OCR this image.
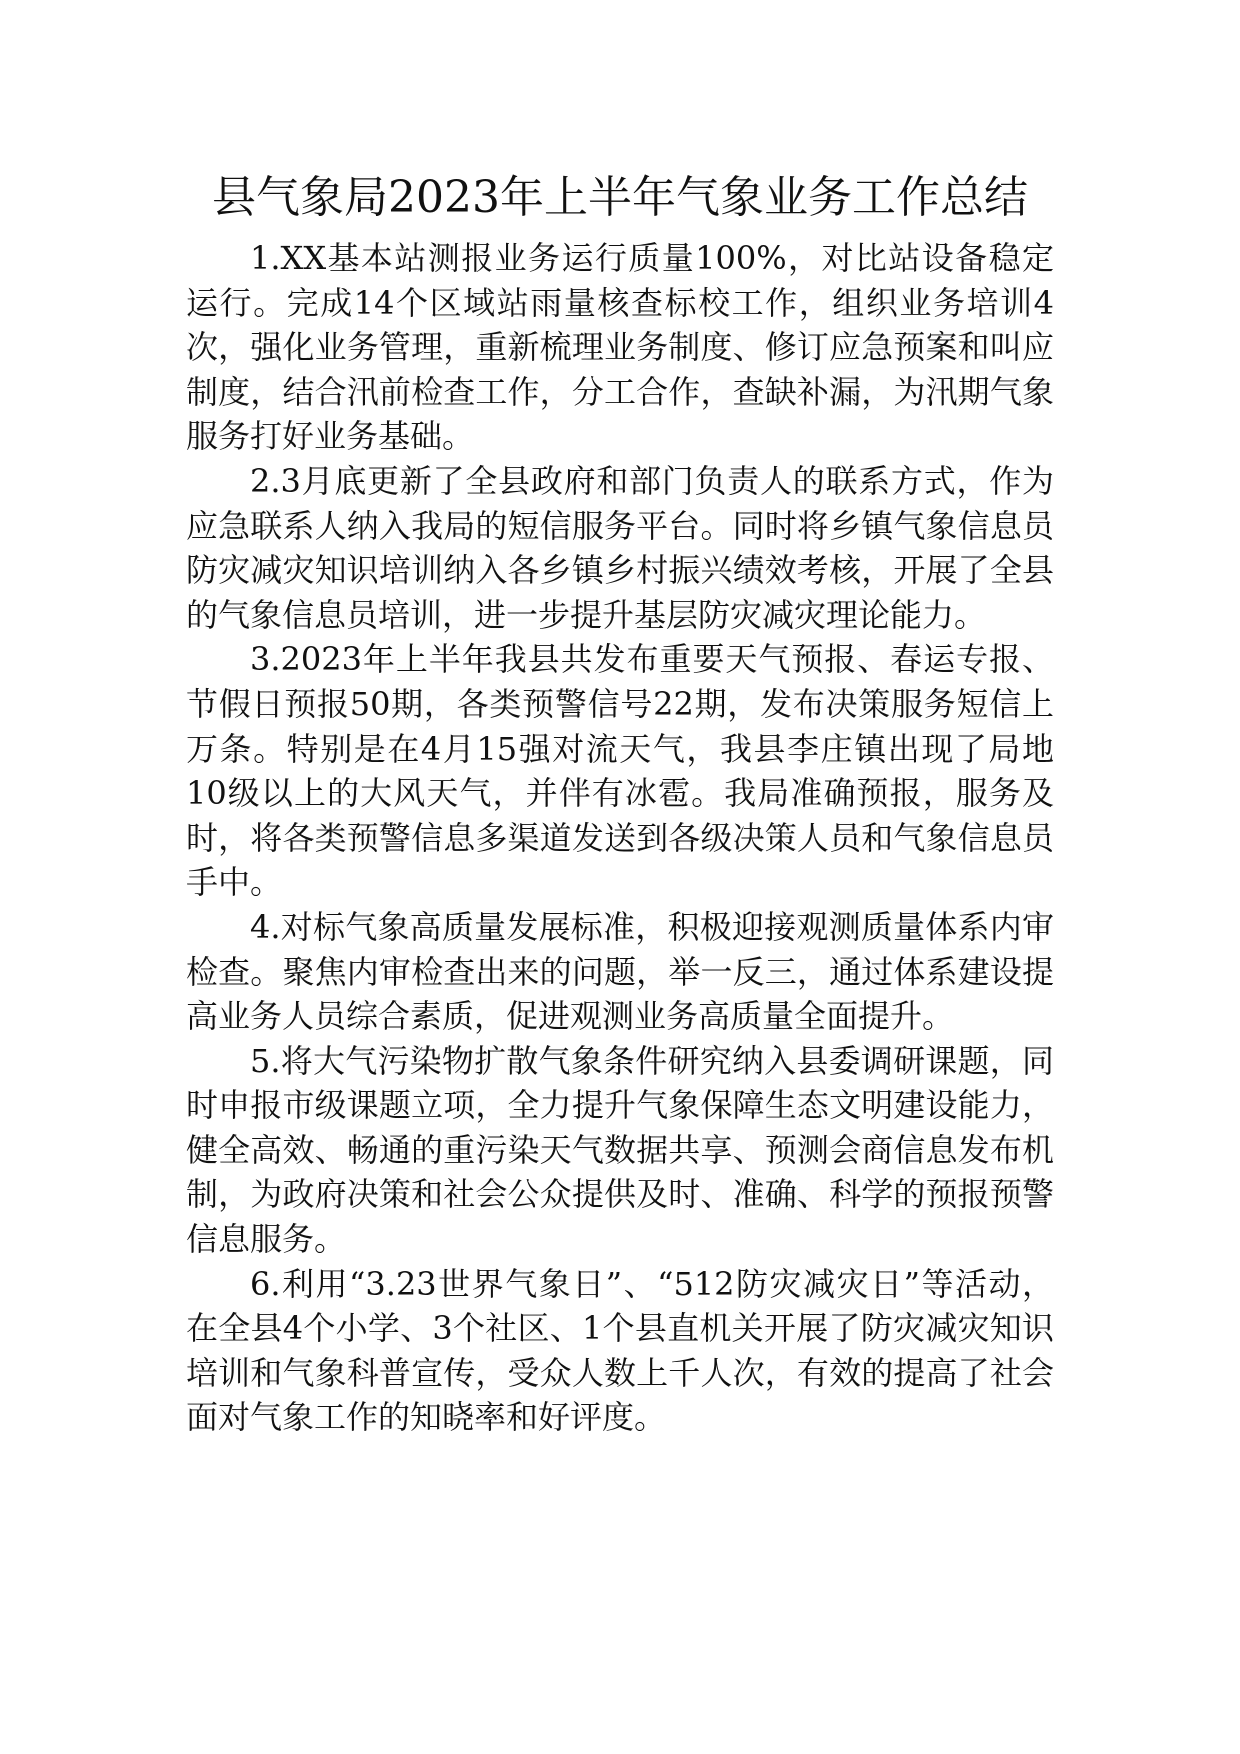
县气象局2023年上半年气象业务工作总结

1.XX基本站测报业务运行质量100%，对比站设备稳定运行。完成14个区域站雨量核查标校工作，组织业务培训4次，强化业务管理，重新梳理业务制度、修订应急预案和叫应制度，结合汛前检查工作，分工合作，查缺补漏，为汛期气象服务打好业务基础。

2.3月底更新了全县政府和部门负责人的联系方式，作为应急联系人纳入我局的短信服务平台。同时将乡镇气象信息员防灾减灾知识培训纳入各乡镇乡村振兴绩效考核，开展了全县的气象信息员培训，进一步提升基层防灾减灾理论能力。

3.2023年上半年我县共发布重要天气预报、春运专报、节假日预报50期，各类预警信号22期，发布决策服务短信上万条。特别是在4月15强对流天气，我县李庄镇出现了局地10级以上的大风天气，并伴有冰雹。我局准确预报，服务及时，将各类预警信息多渠道发送到各级决策人员和气象信息员手中。

4.对标气象高质量发展标准，积极迎接观测质量体系内审检查。聚焦内审检查出来的问题，举一反三，通过体系建设提高业务人员综合素质，促进观测业务高质量全面提升。

5.将大气污染物扩散气象条件研究纳入县委调研课题，同时申报市级课题立项，全力提升气象保障生态文明建设能力，健全高效、畅通的重污染天气数据共享、预测会商信息发布机制，为政府决策和社会公众提供及时、准确、科学的预报预警信息服务。

6.利用“3.23世界气象日”、“512防灾减灾日”等活动，在全县4个小学、3个社区、1个县直机关开展了防灾减灾知识培训和气象科普宣传，受众人数上千人次，有效的提高了社会面对气象工作的知晓率和好评度。
